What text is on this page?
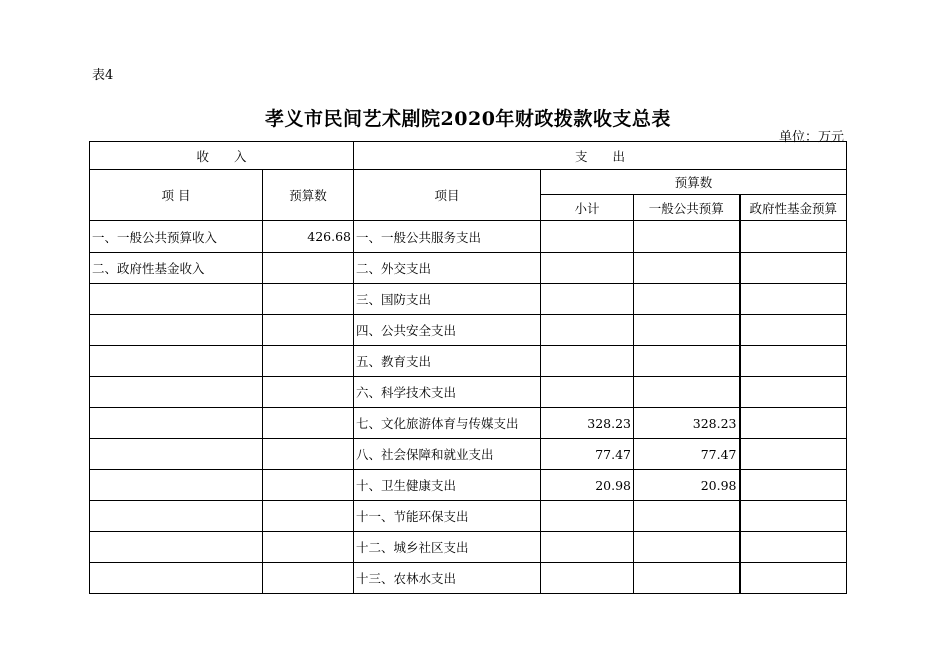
表4
孝义市民间艺术剧院2020年财政拨款收支总表
单位：万元
收　　入		支　　出			
项 目	预算数	项目	预算数		
			小计	一般公共预算	政府性基金预算
一、一般公共预算收入	426.68	一、一般公共服务支出			
二、政府性基金收入		二、外交支出			
		三、国防支出			
		四、公共安全支出			
		五、教育支出			
		六、科学技术支出			
		七、文化旅游体育与传媒支出	328.23	328.23	
		八、社会保障和就业支出	77.47	77.47	
		十、卫生健康支出	20.98	20.98	
		十一、节能环保支出			
		十二、城乡社区支出			
		十三、农林水支出			
